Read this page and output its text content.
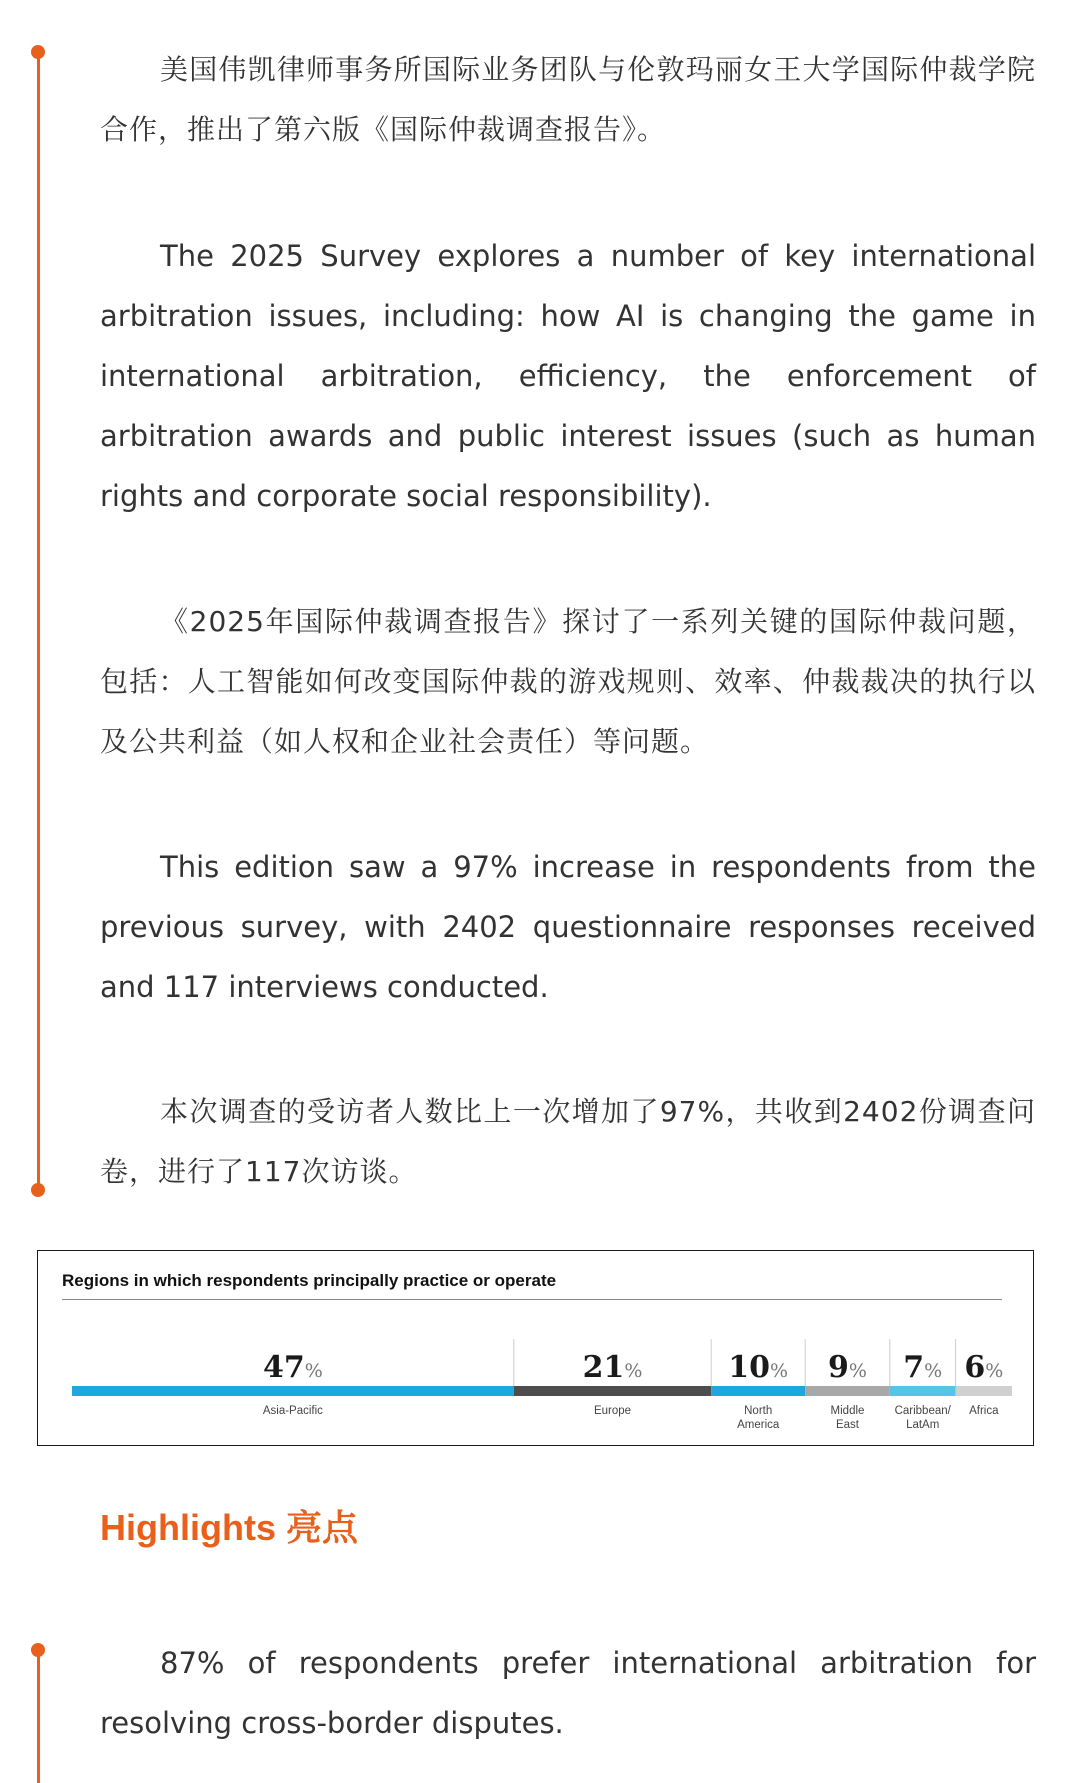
美国伟凯律师事务所国际业务团队与伦敦玛丽女王大学国际仲裁学院合作，推出了第六版《国际仲裁调查报告》。

The 2025 Survey explores a number of key international arbitration issues, including: how AI is changing the game in international arbitration, efficiency, the enforcement of arbitration awards and public interest issues (such as human rights and corporate social responsibility).

《2025年国际仲裁调查报告》探讨了一系列关键的国际仲裁问题，包括：人工智能如何改变国际仲裁的游戏规则、效率、仲裁裁决的执行以及公共利益（如人权和企业社会责任）等问题。

This edition saw a 97% increase in respondents from the previous survey, with 2402 questionnaire responses received and 117 interviews conducted.

本次调查的受访者人数比上一次增加了97%，共收到2402份调查问卷，进行了117次访谈。

Regions in which respondents principally practice or operate

47%
Asia-Pacific
21%
Europe
10%
North America
9%
Middle East
7%
Caribbean/ LatAm
6%
Africa
Highlights 亮点

87% of respondents prefer international arbitration for resolving cross-border disputes.
